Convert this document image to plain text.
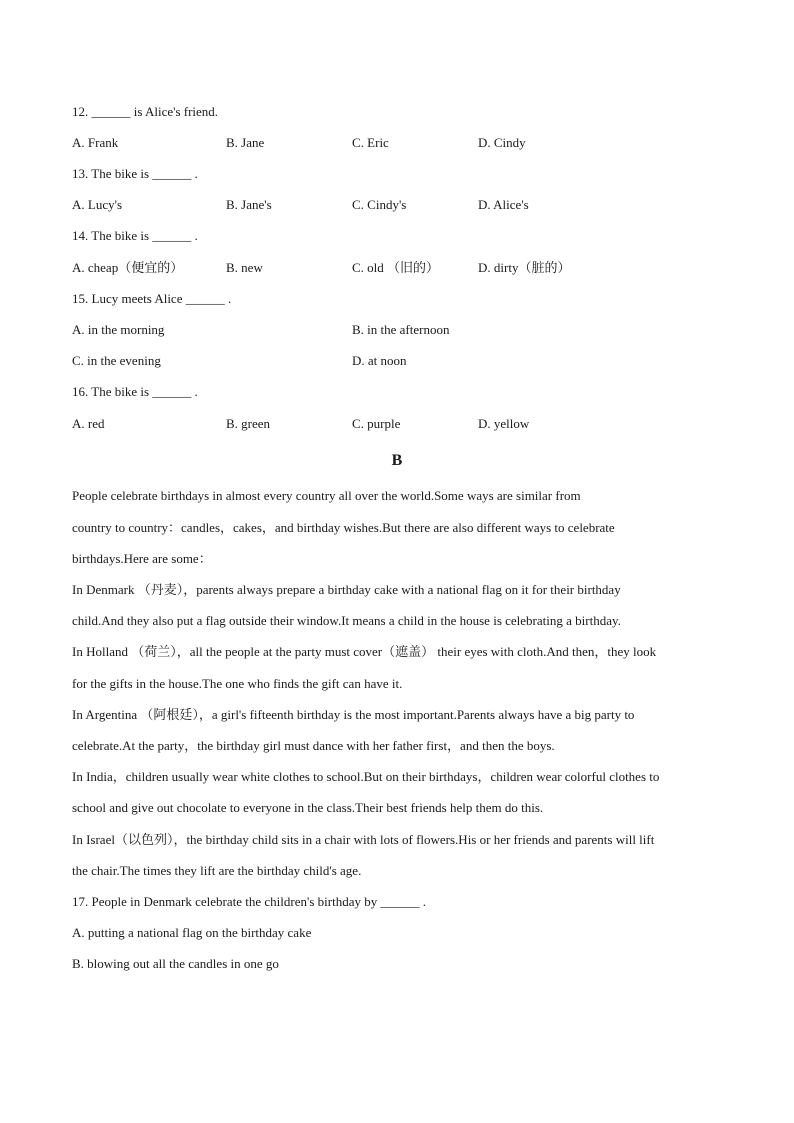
12. ______ is Alice's friend.
A. Frank	B. Jane	C. Eric	D. Cindy
13. The bike is ______ .
A. Lucy's	B. Jane's	C. Cindy's	D. Alice's
14. The bike is ______ .
A. cheap（便宜的）	B. new	C. old （旧的）	D. dirty（脏的）
15. Lucy meets Alice ______ .
A. in the morning	B. in the afternoon
C. in the evening	D. at noon
16. The bike is ______ .
A. red	B. green	C. purple	D. yellow
B
People celebrate birthdays in almost every country all over the world.Some ways are similar from
country to country：candles，cakes，and birthday wishes.But there are also different ways to celebrate
birthdays.Here are some：
In Denmark （丹麦），parents always prepare a birthday cake with a national flag on it for their birthday
child.And they also put a flag outside their window.It means a child in the house is celebrating a birthday.
In Holland （荷兰），all the people at the party must cover（遮盖） their eyes with cloth.And then，they look
for the gifts in the house.The one who finds the gift can have it.
In Argentina （阿根廷），a girl's fifteenth birthday is the most important.Parents always have a big party to
celebrate.At the party，the birthday girl must dance with her father first，and then the boys.
In India，children usually wear white clothes to school.But on their birthdays，children wear colorful clothes to
school and give out chocolate to everyone in the class.Their best friends help them do this.
In Israel（以色列），the birthday child sits in a chair with lots of flowers.His or her friends and parents will lift
the chair.The times they lift are the birthday child's age.
17. People in Denmark celebrate the children's birthday by ______ .
A. putting a national flag on the birthday cake
B. blowing out all the candles in one go
